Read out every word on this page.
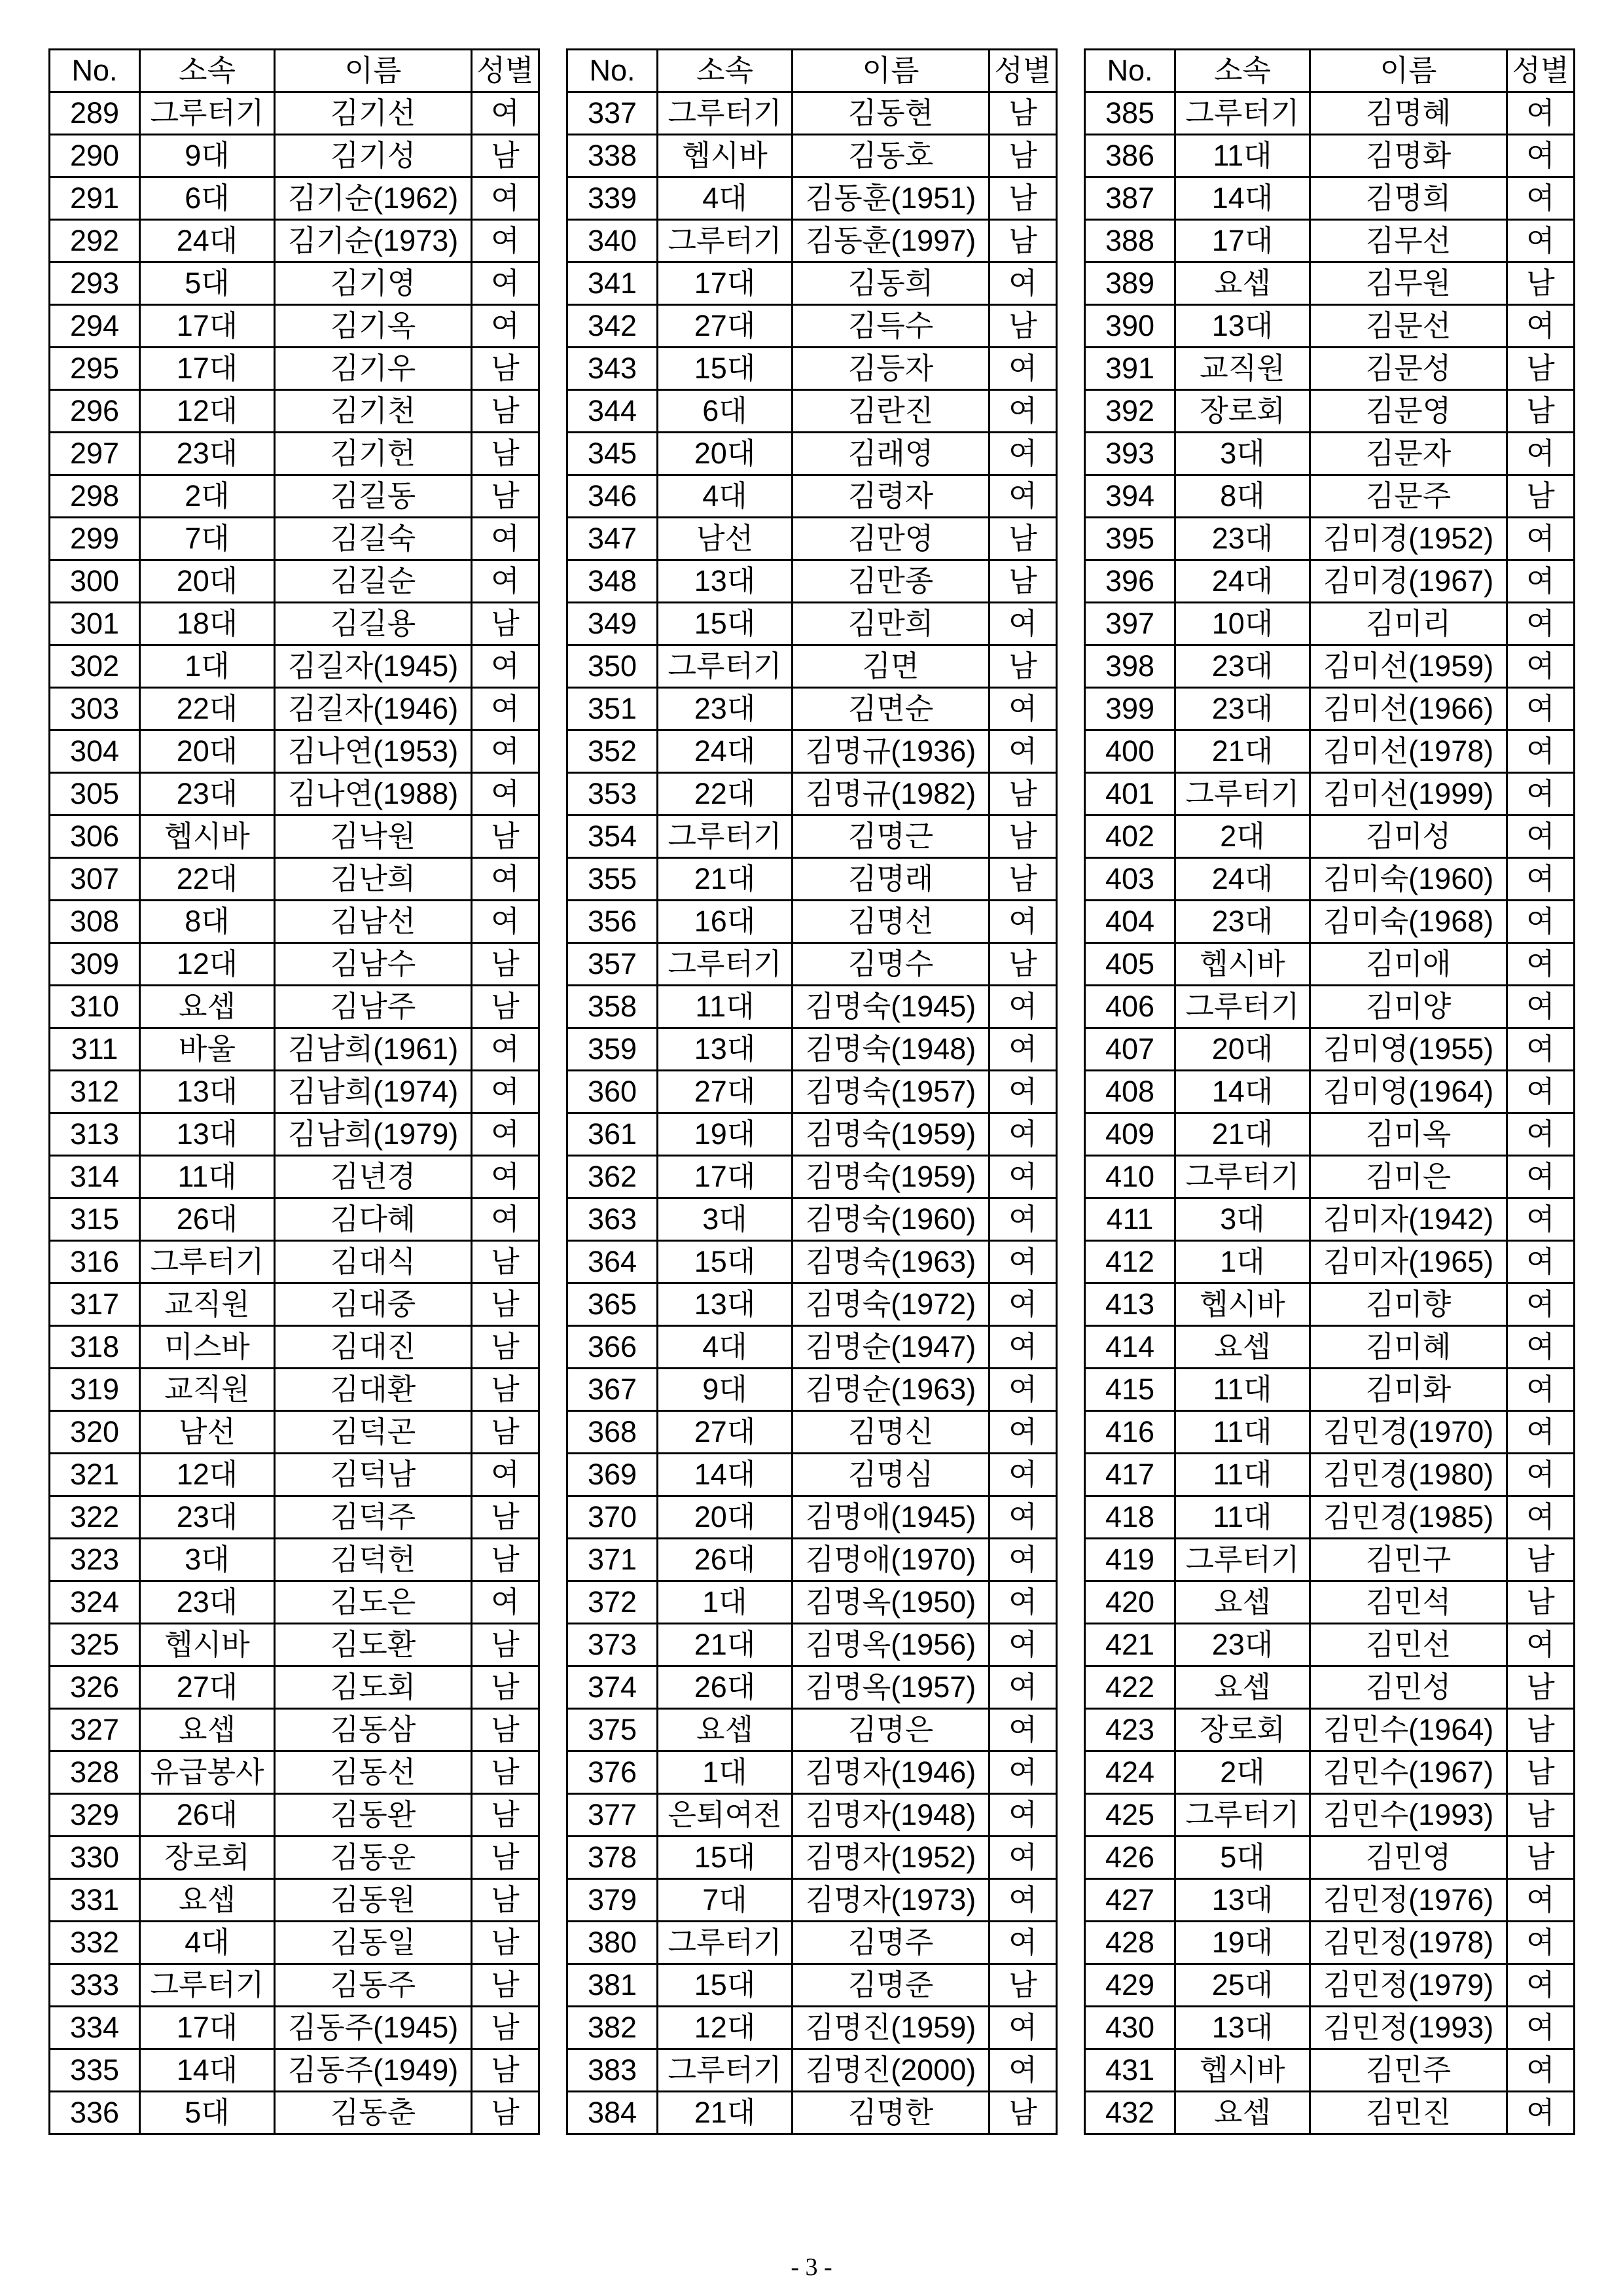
No.	소속	이름	성별
289	그루터기	김기선	여
290	9대	김기성	남
291	6대	김기순(1962)	여
292	24대	김기순(1973)	여
293	5대	김기영	여
294	17대	김기옥	여
295	17대	김기우	남
296	12대	김기천	남
297	23대	김기헌	남
298	2대	김길동	남
299	7대	김길숙	여
300	20대	김길순	여
301	18대	김길용	남
302	1대	김길자(1945)	여
303	22대	김길자(1946)	여
304	20대	김나연(1953)	여
305	23대	김나연(1988)	여
306	헵시바	김낙원	남
307	22대	김난희	여
308	8대	김남선	여
309	12대	김남수	남
310	요셉	김남주	남
311	바울	김남희(1961)	여
312	13대	김남희(1974)	여
313	13대	김남희(1979)	여
314	11대	김년경	여
315	26대	김다혜	여
316	그루터기	김대식	남
317	교직원	김대중	남
318	미스바	김대진	남
319	교직원	김대환	남
320	남선	김덕곤	남
321	12대	김덕남	여
322	23대	김덕주	남
323	3대	김덕헌	남
324	23대	김도은	여
325	헵시바	김도환	남
326	27대	김도회	남
327	요셉	김동삼	남
328	유급봉사	김동선	남
329	26대	김동완	남
330	장로회	김동운	남
331	요셉	김동원	남
332	4대	김동일	남
333	그루터기	김동주	남
334	17대	김동주(1945)	남
335	14대	김동주(1949)	남
336	5대	김동춘	남
No.	소속	이름	성별
337	그루터기	김동현	남
338	헵시바	김동호	남
339	4대	김동훈(1951)	남
340	그루터기	김동훈(1997)	남
341	17대	김동희	여
342	27대	김득수	남
343	15대	김등자	여
344	6대	김란진	여
345	20대	김래영	여
346	4대	김령자	여
347	남선	김만영	남
348	13대	김만종	남
349	15대	김만희	여
350	그루터기	김면	남
351	23대	김면순	여
352	24대	김명규(1936)	여
353	22대	김명규(1982)	남
354	그루터기	김명근	남
355	21대	김명래	남
356	16대	김명선	여
357	그루터기	김명수	남
358	11대	김명숙(1945)	여
359	13대	김명숙(1948)	여
360	27대	김명숙(1957)	여
361	19대	김명숙(1959)	여
362	17대	김명숙(1959)	여
363	3대	김명숙(1960)	여
364	15대	김명숙(1963)	여
365	13대	김명숙(1972)	여
366	4대	김명순(1947)	여
367	9대	김명순(1963)	여
368	27대	김명신	여
369	14대	김명심	여
370	20대	김명애(1945)	여
371	26대	김명애(1970)	여
372	1대	김명옥(1950)	여
373	21대	김명옥(1956)	여
374	26대	김명옥(1957)	여
375	요셉	김명은	여
376	1대	김명자(1946)	여
377	은퇴여전	김명자(1948)	여
378	15대	김명자(1952)	여
379	7대	김명자(1973)	여
380	그루터기	김명주	여
381	15대	김명준	남
382	12대	김명진(1959)	여
383	그루터기	김명진(2000)	여
384	21대	김명한	남
No.	소속	이름	성별
385	그루터기	김명혜	여
386	11대	김명화	여
387	14대	김명희	여
388	17대	김무선	여
389	요셉	김무원	남
390	13대	김문선	여
391	교직원	김문성	남
392	장로회	김문영	남
393	3대	김문자	여
394	8대	김문주	남
395	23대	김미경(1952)	여
396	24대	김미경(1967)	여
397	10대	김미리	여
398	23대	김미선(1959)	여
399	23대	김미선(1966)	여
400	21대	김미선(1978)	여
401	그루터기	김미선(1999)	여
402	2대	김미성	여
403	24대	김미숙(1960)	여
404	23대	김미숙(1968)	여
405	헵시바	김미애	여
406	그루터기	김미양	여
407	20대	김미영(1955)	여
408	14대	김미영(1964)	여
409	21대	김미옥	여
410	그루터기	김미은	여
411	3대	김미자(1942)	여
412	1대	김미자(1965)	여
413	헵시바	김미향	여
414	요셉	김미혜	여
415	11대	김미화	여
416	11대	김민경(1970)	여
417	11대	김민경(1980)	여
418	11대	김민경(1985)	여
419	그루터기	김민구	남
420	요셉	김민석	남
421	23대	김민선	여
422	요셉	김민성	남
423	장로회	김민수(1964)	남
424	2대	김민수(1967)	남
425	그루터기	김민수(1993)	남
426	5대	김민영	남
427	13대	김민정(1976)	여
428	19대	김민정(1978)	여
429	25대	김민정(1979)	여
430	13대	김민정(1993)	여
431	헵시바	김민주	여
432	요셉	김민진	여
- 3 -
